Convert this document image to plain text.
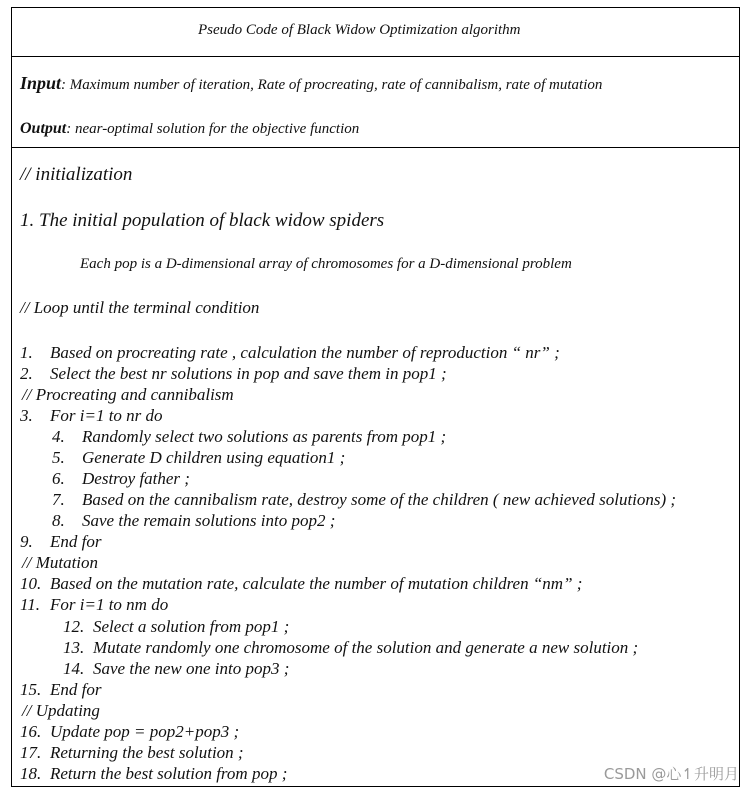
Pseudo Code of Black Widow Optimization algorithm
Input: Maximum number of iteration, Rate of procreating, rate of cannibalism, rate of mutation
Output: near-optimal solution for the objective function
// initialization
1. The initial population of black widow spiders
Each pop is a D-dimensional array of chromosomes for a D-dimensional problem
// Loop until the terminal condition
1. Based on procreating rate , calculation the number of reproduction “ nr” ;
2. Select the best nr solutions in pop and save them in pop1 ;
// Procreating and cannibalism
3. For i=1 to nr do
4. Randomly select two solutions as parents from pop1 ;
5. Generate D children using equation1 ;
6. Destroy father ;
7. Based on the cannibalism rate, destroy some of the children ( new achieved solutions) ;
8. Save the remain solutions into pop2 ;
9. End for
// Mutation
10. Based on the mutation rate, calculate the number of mutation children “nm” ;
11. For i=1 to nm do
12. Select a solution from pop1 ;
13. Mutate randomly one chromosome of the solution and generate a new solution ;
14. Save the new one into pop3 ;
15. End for
// Updating
16. Update pop = pop2+pop3 ;
17. Returning the best solution ;
18. Return the best solution from pop ;	CSDN @心↿升明月
